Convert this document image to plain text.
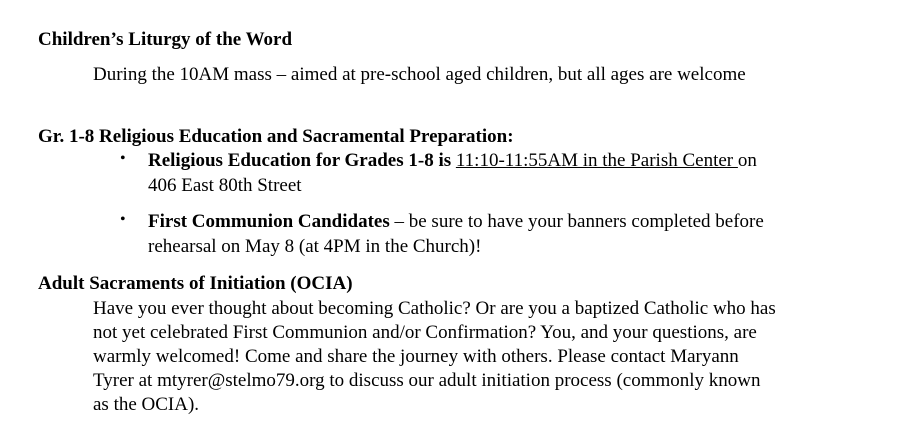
Children’s Liturgy of the Word
During the 10AM mass – aimed at pre-school aged children, but all ages are welcome
Gr. 1-8 Religious Education and Sacramental Preparation:
• Religious Education for Grades 1-8 is 11:10-11:55AM in the Parish Center on
406 East 80th Street
• First Communion Candidates – be sure to have your banners completed before
rehearsal on May 8 (at 4PM in the Church)!
Adult Sacraments of Initiation (OCIA)
Have you ever thought about becoming Catholic? Or are you a baptized Catholic who has
not yet celebrated First Communion and/or Confirmation? You, and your questions, are
warmly welcomed! Come and share the journey with others. Please contact Maryann
Tyrer at mtyrer@stelmo79.org to discuss our adult initiation process (commonly known
as the OCIA).
